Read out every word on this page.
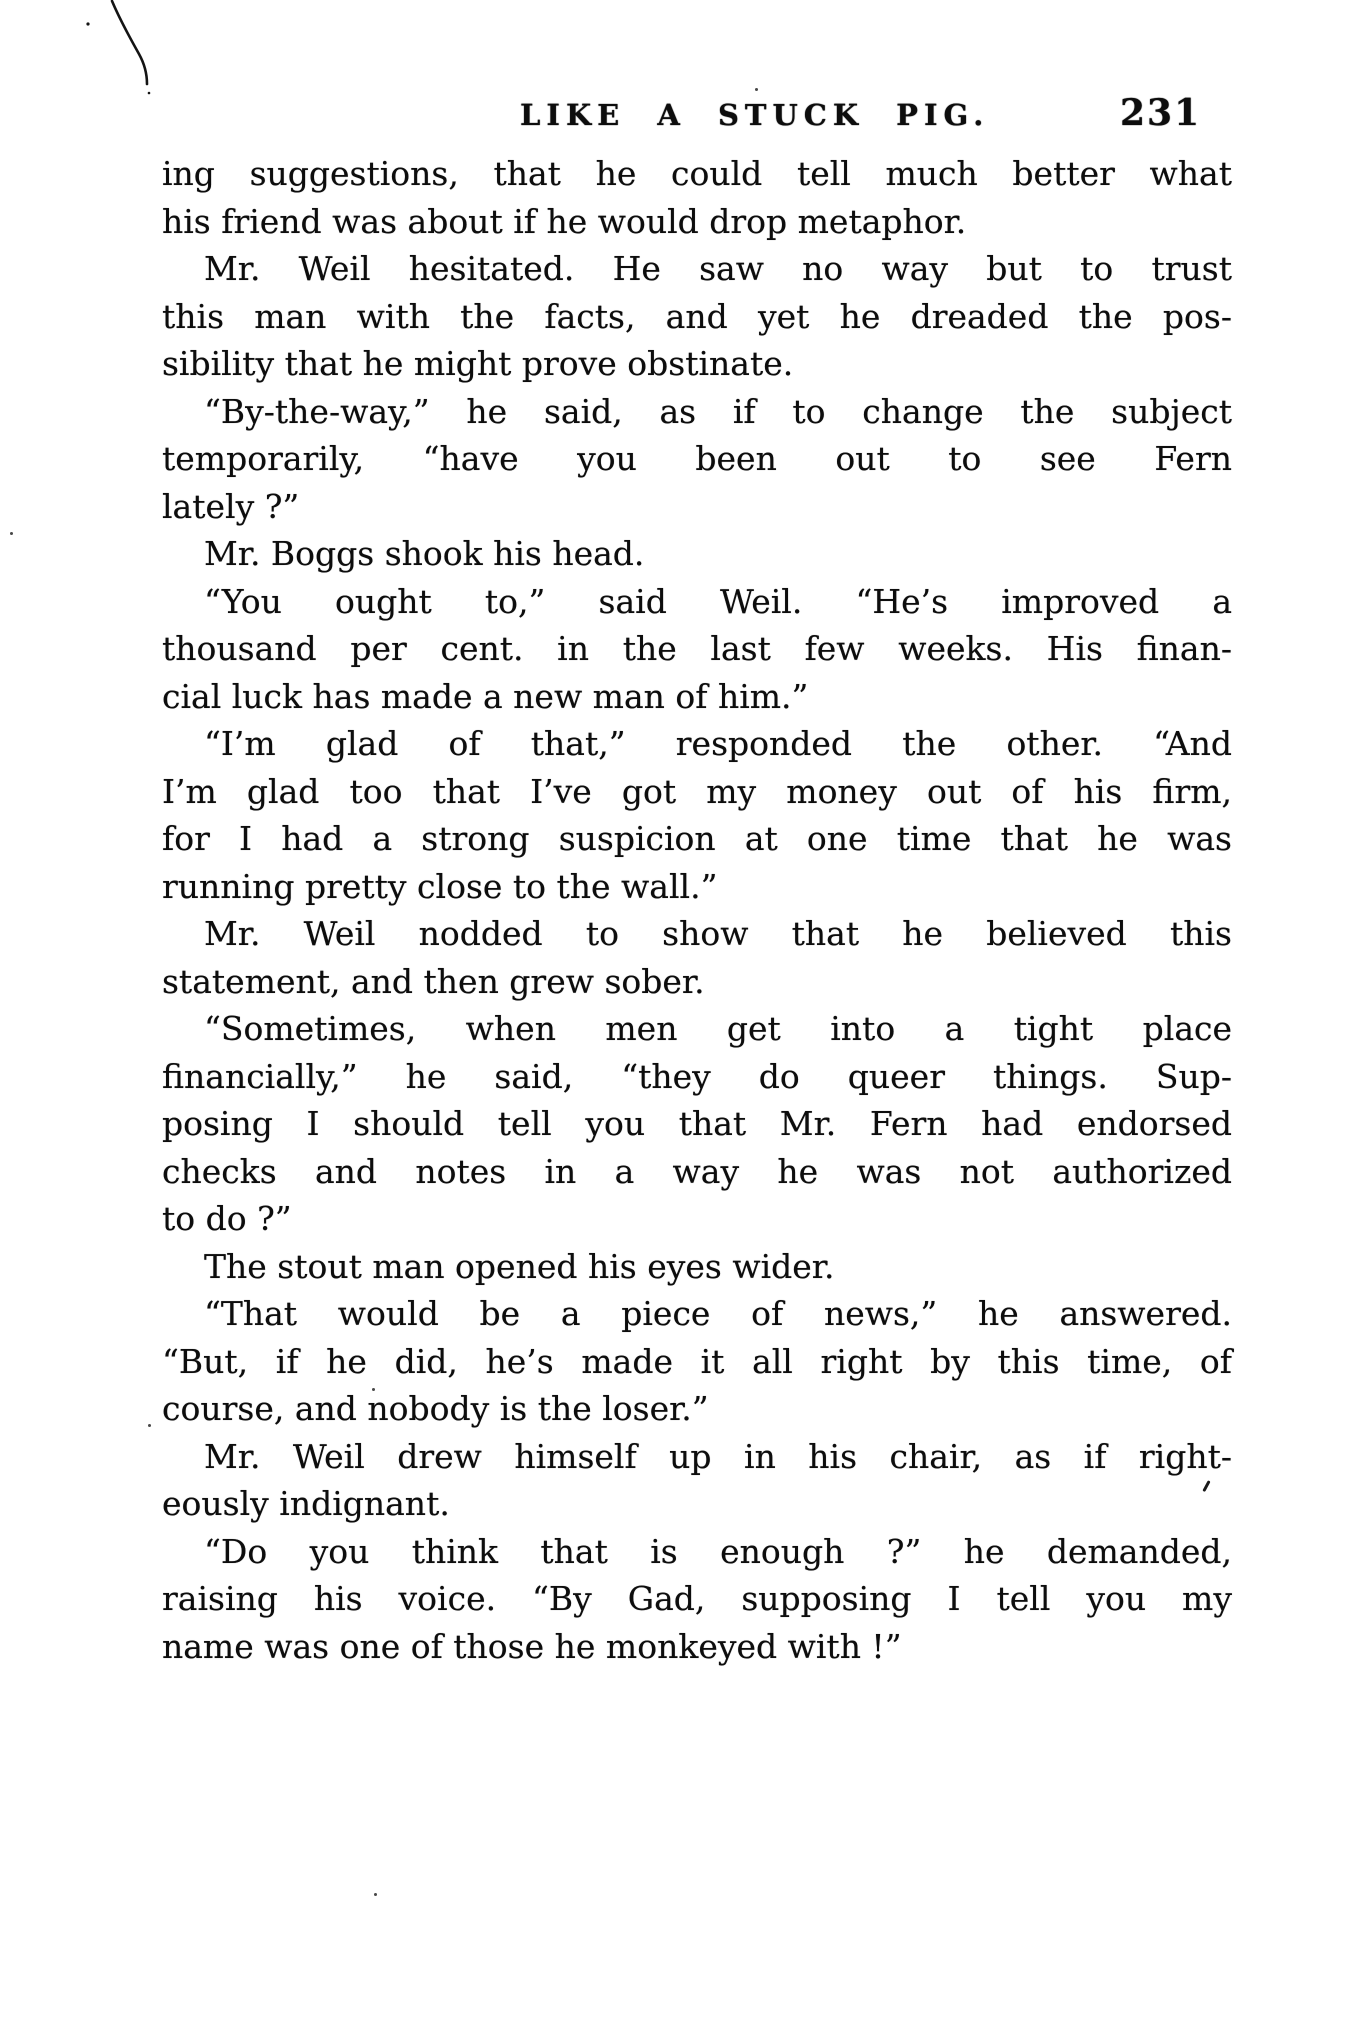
LIKE A STUCK PIG.	231
ing suggestions, that he could tell much better what
his friend was about if he would drop metaphor.
Mr. Weil hesitated. He saw no way but to trust
this man with the facts, and yet he dreaded the pos-
sibility that he might prove obstinate.
“By-the-way,” he said, as if to change the subject
temporarily, “have you been out to see Fern
lately ?”
Mr. Boggs shook his head.
“You ought to,” said Weil. “He’s improved a
thousand per cent. in the last few weeks. His finan-
cial luck has made a new man of him.”
“I’m glad of that,” responded the other. “And
I’m glad too that I’ve got my money out of his firm,
for I had a strong suspicion at one time that he was
running pretty close to the wall.”
Mr. Weil nodded to show that he believed this
statement, and then grew sober.
“Sometimes, when men get into a tight place
financially,” he said, “they do queer things. Sup-
posing I should tell you that Mr. Fern had endorsed
checks and notes in a way he was not authorized
to do ?”
The stout man opened his eyes wider.
“That would be a piece of news,” he answered.
“But, if he did, he’s made it all right by this time, of
course, and nobody is the loser.”
Mr. Weil drew himself up in his chair, as if right-
eously indignant.
“Do you think that is enough ?” he demanded,
raising his voice. “By Gad, supposing I tell you my
name was one of those he monkeyed with !”
